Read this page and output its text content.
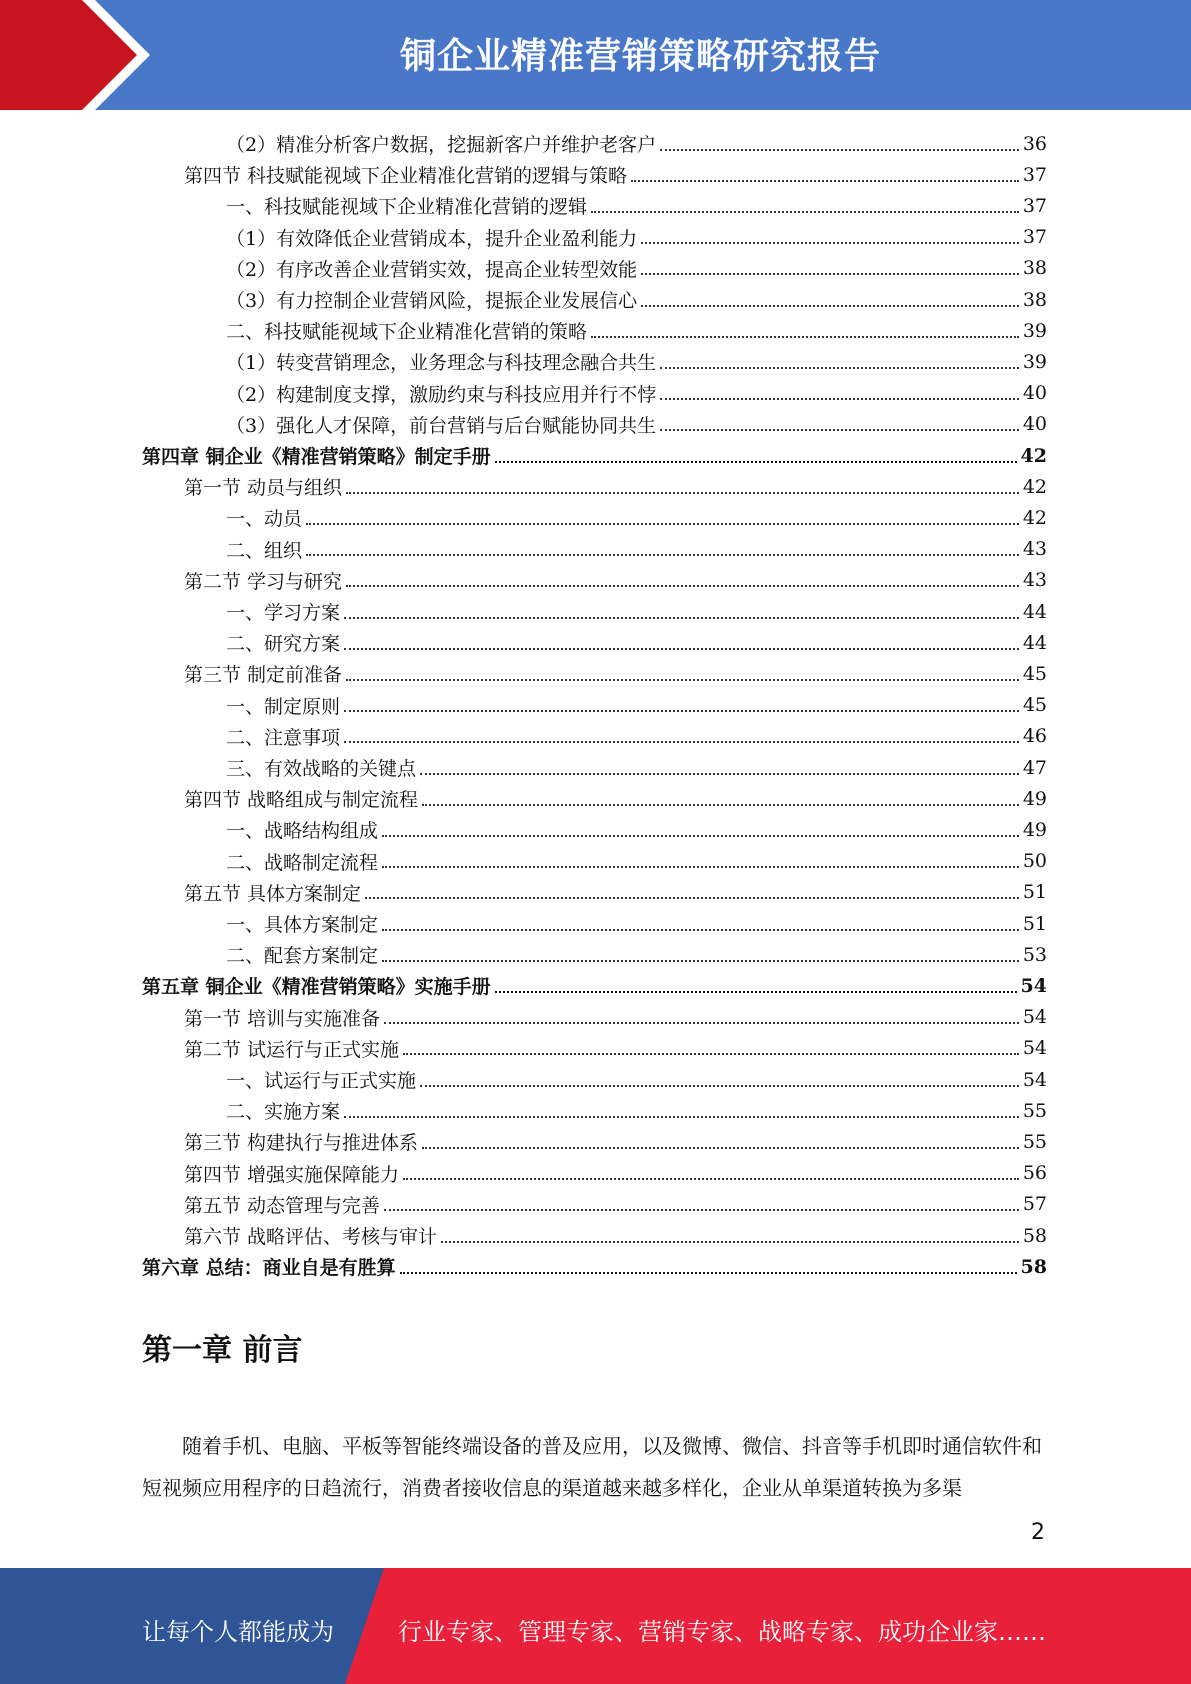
铜企业精准营销策略研究报告
（2）精准分析客户数据，挖掘新客户并维护老客户	36
第四节 科技赋能视域下企业精准化营销的逻辑与策略	37
一、科技赋能视域下企业精准化营销的逻辑	37
（1）有效降低企业营销成本，提升企业盈利能力	37
（2）有序改善企业营销实效，提高企业转型效能	38
（3）有力控制企业营销风险，提振企业发展信心	38
二、科技赋能视域下企业精准化营销的策略	39
（1）转变营销理念，业务理念与科技理念融合共生	39
（2）构建制度支撑，激励约束与科技应用并行不悖	40
（3）强化人才保障，前台营销与后台赋能协同共生	40
第四章 铜企业《精准营销策略》制定手册	42
第一节 动员与组织	42
一、动员	42
二、组织	43
第二节 学习与研究	43
一、学习方案	44
二、研究方案	44
第三节 制定前准备	45
一、制定原则	45
二、注意事项	46
三、有效战略的关键点	47
第四节 战略组成与制定流程	49
一、战略结构组成	49
二、战略制定流程	50
第五节 具体方案制定	51
一、具体方案制定	51
二、配套方案制定	53
第五章 铜企业《精准营销策略》实施手册	54
第一节 培训与实施准备	54
第二节 试运行与正式实施	54
一、试运行与正式实施	54
二、实施方案	55
第三节 构建执行与推进体系	55
第四节 增强实施保障能力	56
第五节 动态管理与完善	57
第六节 战略评估、考核与审计	58
第六章 总结：商业自是有胜算	58
第一章 前言
随着手机、电脑、平板等智能终端设备的普及应用，以及微博、微信、抖音等手机即时通信软件和短视频应用程序的日趋流行，消费者接收信息的渠道越来越多样化，企业从单渠道转换为多渠
2
让每个人都能成为	行业专家、管理专家、营销专家、战略专家、成功企业家……
